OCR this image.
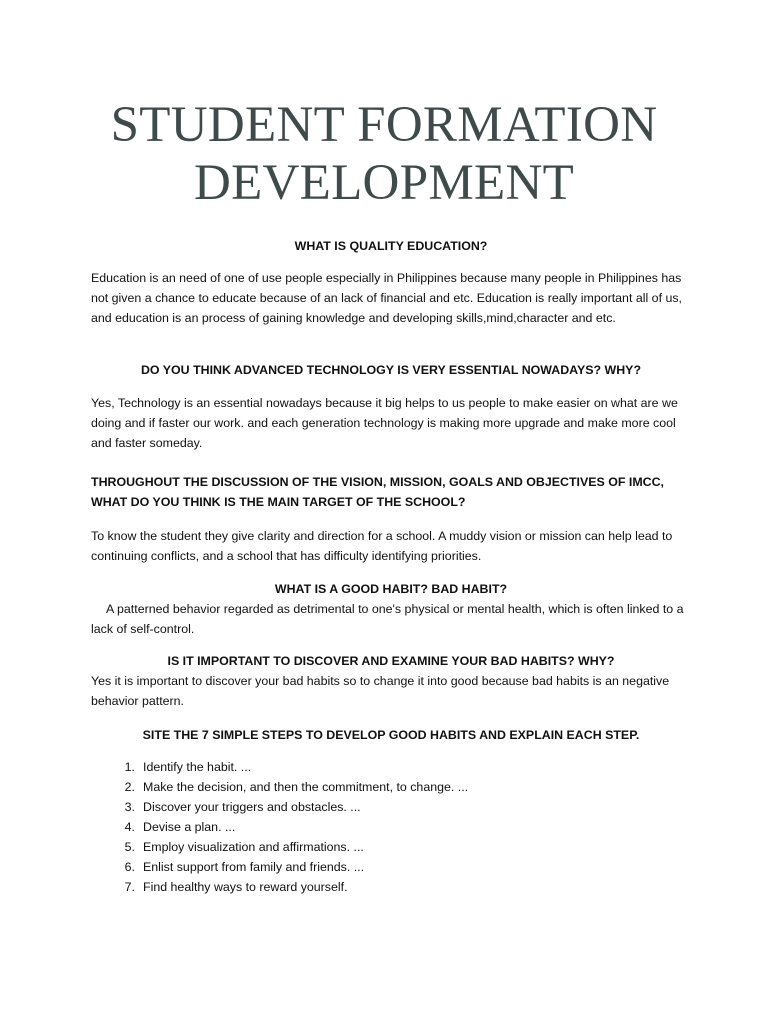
STUDENT FORMATION
DEVELOPMENT
WHAT IS QUALITY EDUCATION?
Education is an need of one of use people especially in Philippines because many people in Philippines has not given a chance to educate because of an lack of financial and etc. Education is really important all of us, and education is an process of gaining knowledge and developing skills,mind,character and etc.
DO YOU THINK ADVANCED TECHNOLOGY IS VERY ESSENTIAL NOWADAYS? WHY?
Yes, Technology is an essential nowadays because it big helps to us people to make easier on what are we doing and if faster our work. and each generation technology is making more upgrade and make more cool and faster someday.
THROUGHOUT THE DISCUSSION OF THE VISION, MISSION, GOALS AND OBJECTIVES OF IMCC, WHAT DO YOU THINK IS THE MAIN TARGET OF THE SCHOOL?
To know the student they give clarity and direction for a school. A muddy vision or mission can help lead to continuing conflicts, and a school that has difficulty identifying priorities.
WHAT IS A GOOD HABIT? BAD HABIT?
A patterned behavior regarded as detrimental to one's physical or mental health, which is often linked to a lack of self-control.
IS IT IMPORTANT TO DISCOVER AND EXAMINE YOUR BAD HABITS? WHY?
Yes it is important to discover your bad habits so to change it into good because bad habits is an negative behavior pattern.
SITE THE 7 SIMPLE STEPS TO DEVELOP GOOD HABITS AND EXPLAIN EACH STEP.
1. Identify the habit. ...
2. Make the decision, and then the commitment, to change. ...
3. Discover your triggers and obstacles. ...
4. Devise a plan. ...
5. Employ visualization and affirmations. ...
6. Enlist support from family and friends. ...
7. Find healthy ways to reward yourself.
